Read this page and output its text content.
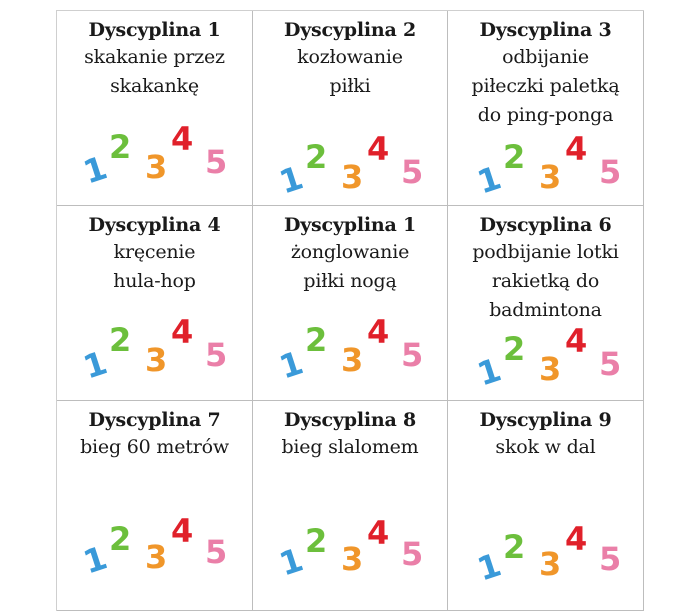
Dyscyplina 1
skakanie przez
skakankę
1
2
3
4
5
Dyscyplina 2
kozłowanie
piłki
1
2
3
4
5
Dyscyplina 3
odbijanie
piłeczki paletką
do ping-ponga
1
2
3
4
5
Dyscyplina 4
kręcenie
hula-hop
1
2
3
4
5
Dyscyplina 1
żonglowanie
piłki nogą
1
2
3
4
5
Dyscyplina 6
podbijanie lotki
rakietką do
badmintona
1
2
3
4
5
Dyscyplina 7
bieg 60 metrów
1
2 3
4
5
Dyscyplina 8
bieg slalomem
1
2 3
4
5
Dyscyplina 9
skok w dal
1
2 3
4
5
